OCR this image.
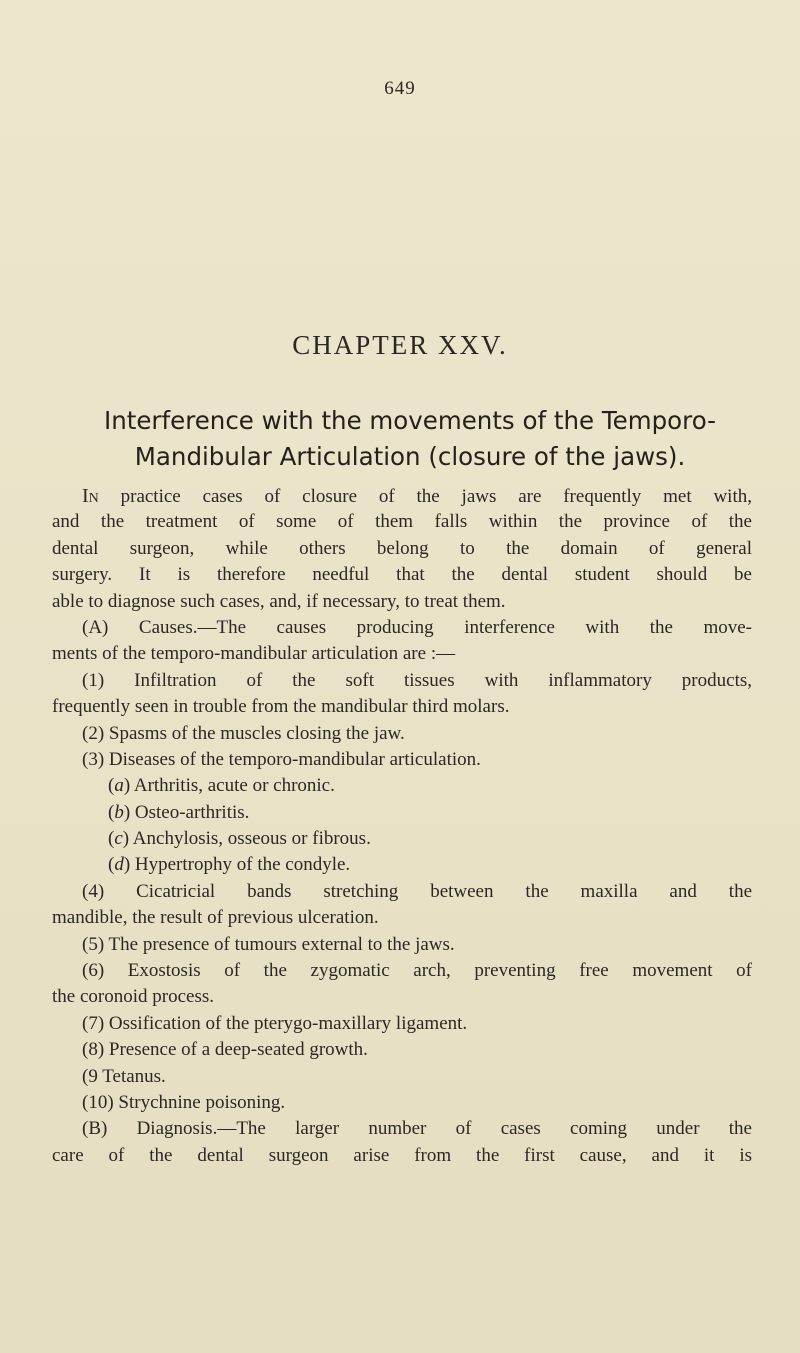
649
CHAPTER XXV.
Interference with the movements of the Temporo-
Mandibular Articulation (closure of the jaws).
In practice cases of closure of the jaws are frequently met with,
and the treatment of some of them falls within the province of the
dental surgeon, while others belong to the domain of general
surgery. It is therefore needful that the dental student should be
able to diagnose such cases, and, if necessary, to treat them.
(A) Causes.—The causes producing interference with the move-
ments of the temporo-mandibular articulation are :—
(1) Infiltration of the soft tissues with inflammatory products,
frequently seen in trouble from the mandibular third molars.
(2) Spasms of the muscles closing the jaw.
(3) Diseases of the temporo-mandibular articulation.
(a) Arthritis, acute or chronic.
(b) Osteo-arthritis.
(c) Anchylosis, osseous or fibrous.
(d) Hypertrophy of the condyle.
(4) Cicatricial bands stretching between the maxilla and the
mandible, the result of previous ulceration.
(5) The presence of tumours external to the jaws.
(6) Exostosis of the zygomatic arch, preventing free movement of
the coronoid process.
(7) Ossification of the pterygo-maxillary ligament.
(8) Presence of a deep-seated growth.
(9 Tetanus.
(10) Strychnine poisoning.
(B) Diagnosis.—The larger number of cases coming under the
care of the dental surgeon arise from the first cause, and it is
